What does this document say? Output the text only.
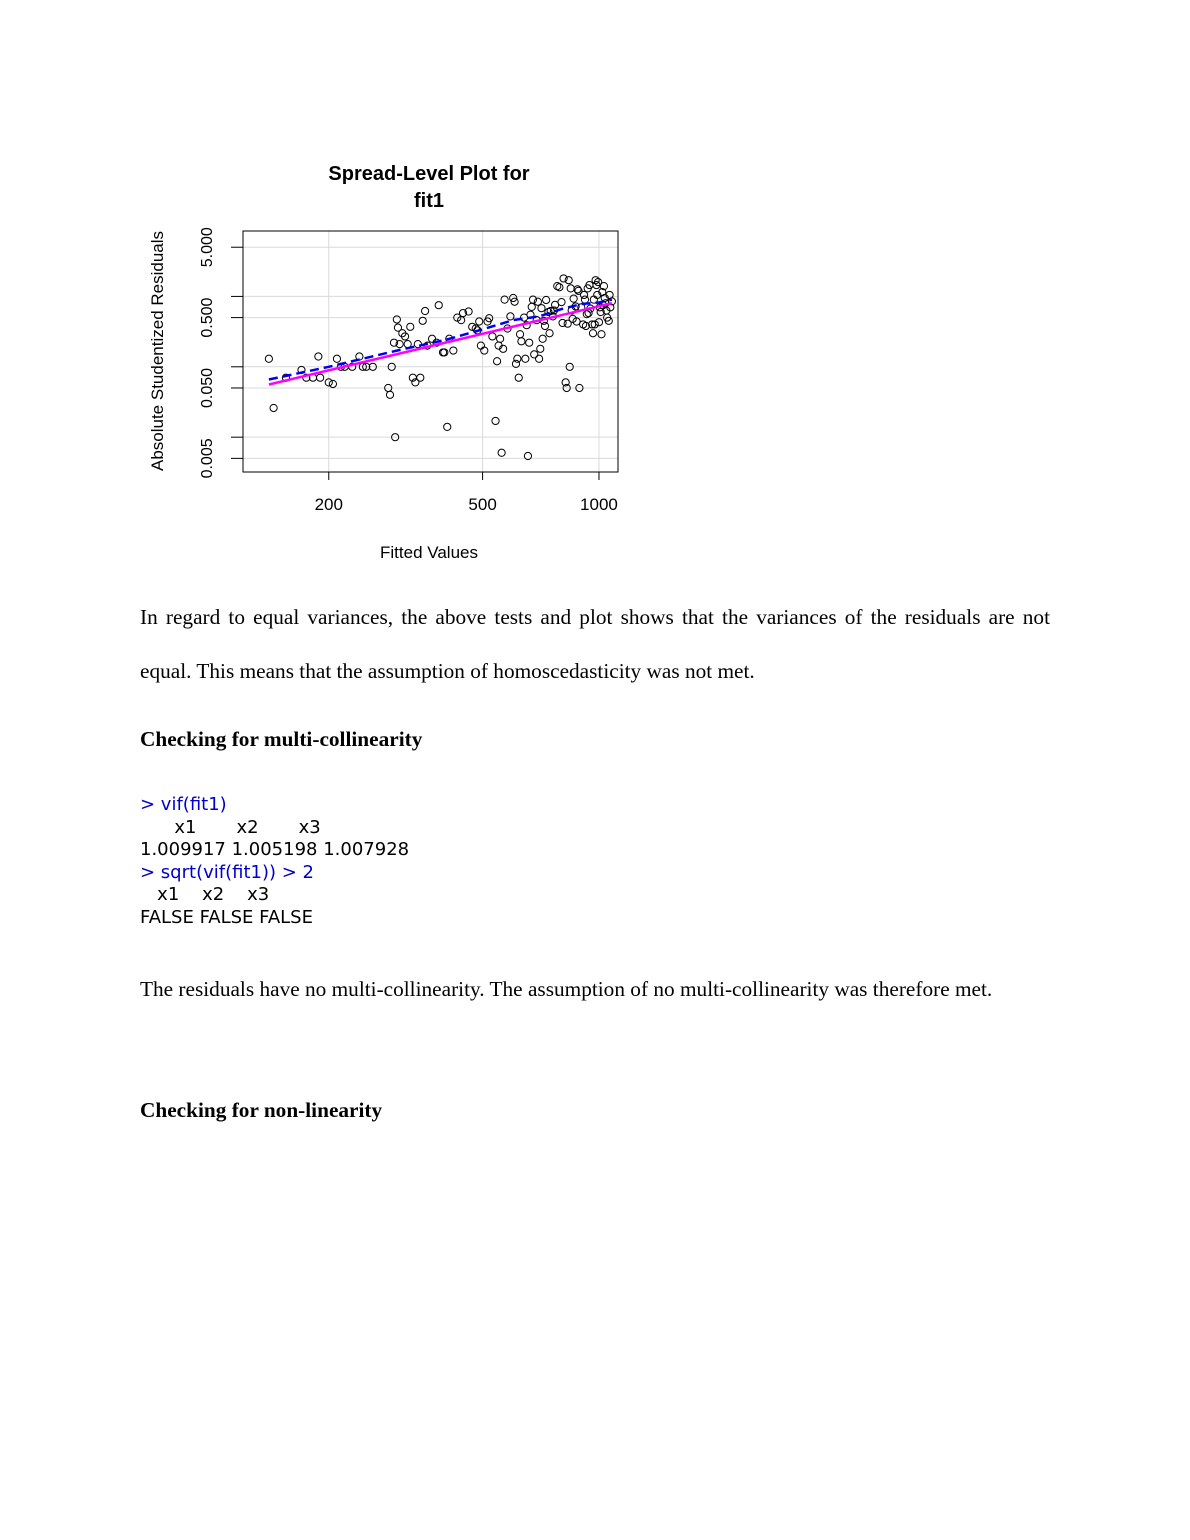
200	500	1000
0.005
0.050
0.500
5.000
Spread-Level Plot for
fit1
Fitted Values
Absolute Studentized Residuals

In regard to equal variances, the above tests and plot shows that the variances of the residuals are not equal. This means that the assumption of homoscedasticity was not met.

Checking for multi-collinearity

> vif(fit1)
x1       x2       x3
1.009917 1.005198 1.007928
> sqrt(vif(fit1)) > 2
x1    x2    x3
FALSE FALSE FALSE

The residuals have no multi-collinearity. The assumption of no multi-collinearity was therefore met.

Checking for non-linearity
